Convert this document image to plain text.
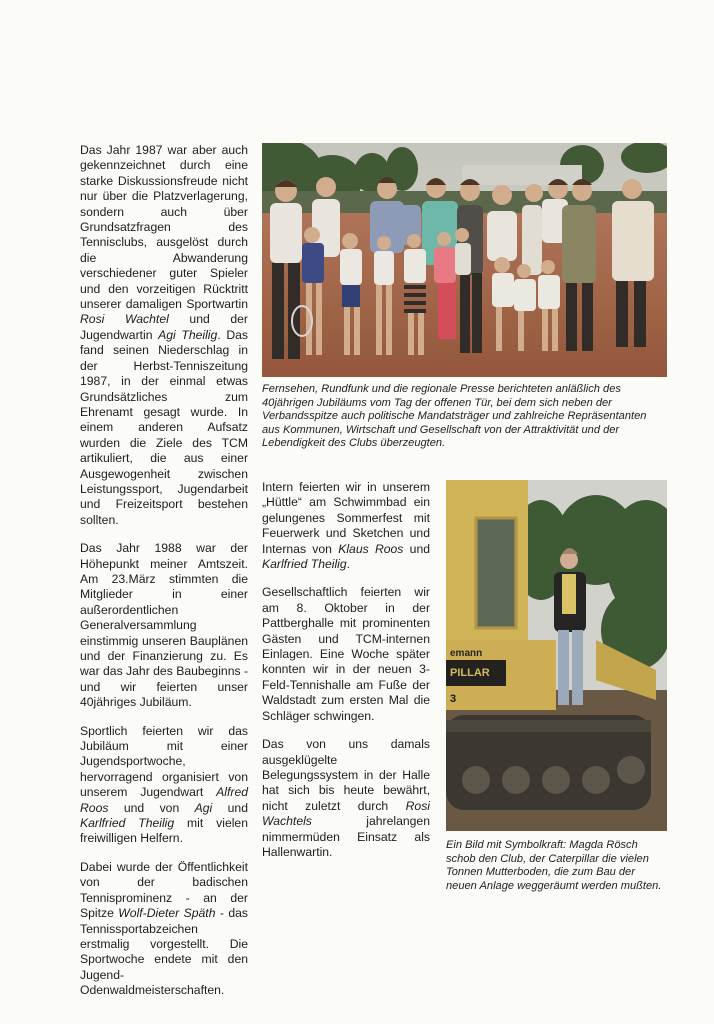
Das Jahr 1987 war aber auch gekennzeichnet durch eine starke Diskussionsfreude nicht nur über die Platzverlagerung, sondern auch über Grundsatzfragen des Tennisclubs, ausgelöst durch die Abwanderung verschiedener guter Spieler und den vorzeitigen Rücktritt unserer damaligen Sportwartin Rosi Wachtel und der Jugendwartin Agi Theilig. Das fand seinen Niederschlag in der Herbst-Tenniszeitung 1987, in der einmal etwas Grundsätzliches zum Ehrenamt gesagt wurde. In einem anderen Aufsatz wurden die Ziele des TCM artikuliert, die aus einer Ausgewogenheit zwischen Leistungssport, Jugendarbeit und Freizeitsport bestehen sollten.

Das Jahr 1988 war der Höhepunkt meiner Amtszeit. Am 23.März stimmten die Mitglieder in einer außerordentlichen Generalversammlung einstimmig unseren Bauplänen und der Finanzierung zu. Es war das Jahr des Baubeginns - und wir feierten unser 40jähriges Jubiläum.

Sportlich feierten wir das Jubiläum mit einer Jugendsportwoche, hervorragend organisiert von unserem Jugendwart Alfred Roos und von Agi und Karlfried Theilig mit vielen freiwilligen Helfern.

Dabei wurde der Öffentlichkeit von der badischen Tennisprominenz - an der Spitze Wolf-Dieter Späth - das Tennissportabzeichen erstmalig vorgestellt. Die Sportwoche endete mit den Jugend-Odenwaldmeisterschaften.

Fernsehen, Rundfunk und die regionale Presse berichteten anläßlich des 40jährigen Jubiläums vom Tag der offenen Tür, bei dem sich neben der Verbandsspitze auch politische Mandatsträger und zahlreiche Repräsentanten aus Kommunen, Wirtschaft und Gesellschaft von der Attraktivität und der Lebendigkeit des Clubs überzeugten.

Intern feierten wir in unserem „Hüttle“ am Schwimmbad ein gelungenes Sommerfest mit Feuerwerk und Sketchen und Internas von Klaus Roos und Karlfried Theilig.

Gesellschaftlich feierten wir am 8. Oktober in der Pattberghalle mit prominenten Gästen und TCM-internen Einlagen. Eine Woche später konnten wir in der neuen 3-Feld-Tennishalle am Fuße der Waldstadt zum ersten Mal die Schläger schwingen.

Das von uns damals ausgeklügelte Belegungssystem in der Halle hat sich bis heute bewährt, nicht zuletzt durch Rosi Wachtels jahrelangen nimmermüden Einsatz als Hallenwartin.

emann
PILLAR
3

Ein Bild mit Symbolkraft: Magda Rösch schob den Club, der Caterpillar die vielen Tonnen Mutterboden, die zum Bau der neuen Anlage weggeräumt werden mußten.
